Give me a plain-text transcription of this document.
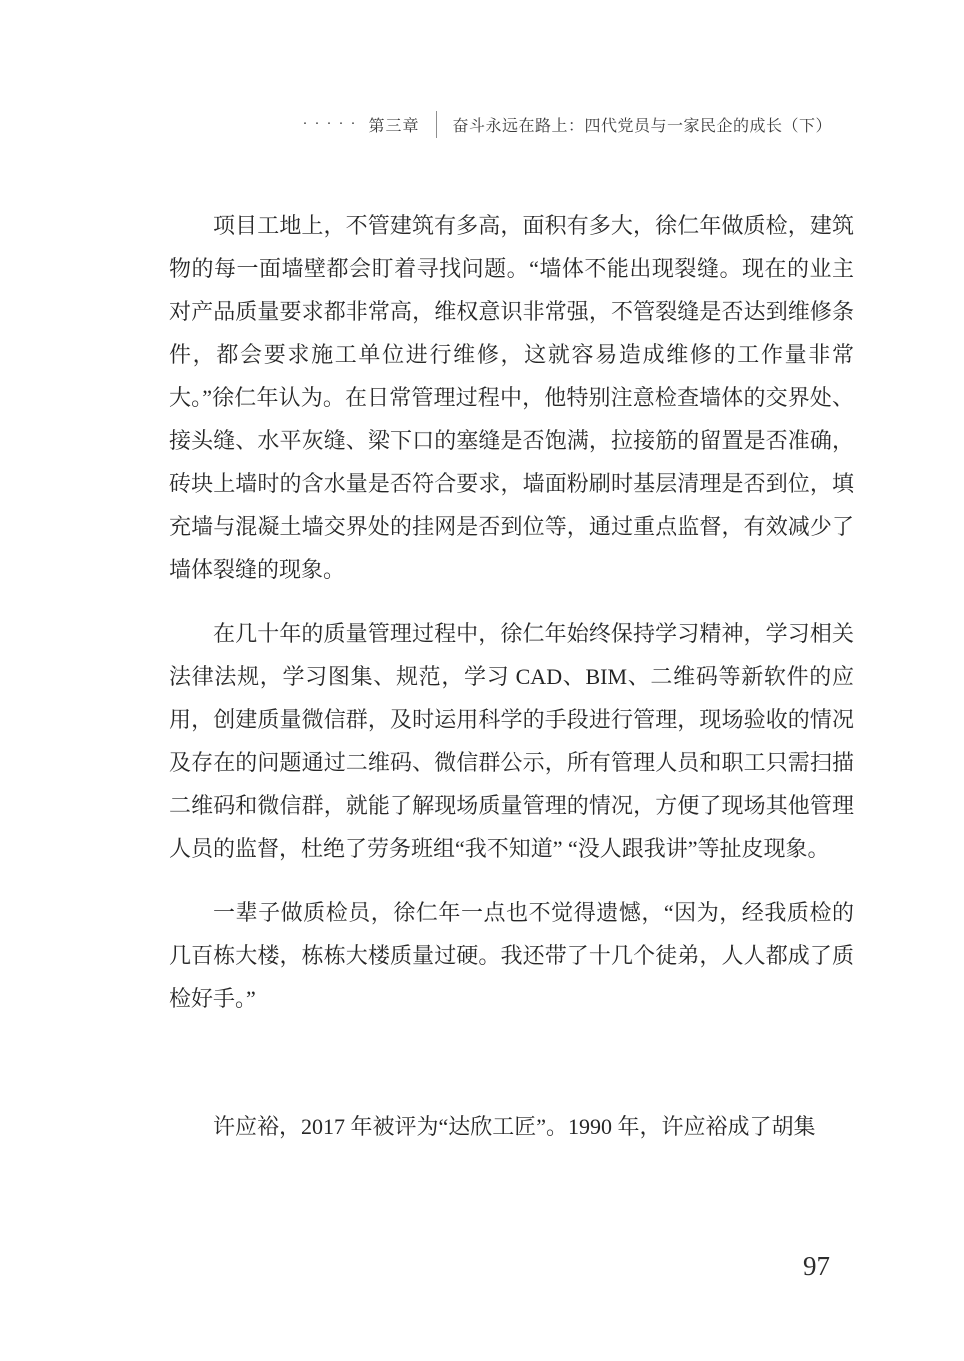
····· 第三章 奋斗永远在路上：四代党员与一家民企的成长（下）

项目工地上，不管建筑有多高，面积有多大，徐仁年做质检，建筑物的每一面墙壁都会盯着寻找问题。“墙体不能出现裂缝。现在的业主对产品质量要求都非常高，维权意识非常强，不管裂缝是否达到维修条件，都会要求施工单位进行维修，这就容易造成维修的工作量非常大。”徐仁年认为。在日常管理过程中，他特别注意检查墙体的交界处、接头缝、水平灰缝、梁下口的塞缝是否饱满，拉接筋的留置是否准确，砖块上墙时的含水量是否符合要求，墙面粉刷时基层清理是否到位，填充墙与混凝土墙交界处的挂网是否到位等，通过重点监督，有效减少了墙体裂缝的现象。

在几十年的质量管理过程中，徐仁年始终保持学习精神，学习相关法律法规，学习图集、规范，学习 CAD、BIM、二维码等新软件的应用，创建质量微信群，及时运用科学的手段进行管理，现场验收的情况及存在的问题通过二维码、微信群公示，所有管理人员和职工只需扫描二维码和微信群，就能了解现场质量管理的情况，方便了现场其他管理人员的监督，杜绝了劳务班组“我不知道” “没人跟我讲”等扯皮现象。

一辈子做质检员，徐仁年一点也不觉得遗憾，“因为，经我质检的几百栋大楼，栋栋大楼质量过硬。我还带了十几个徒弟，人人都成了质检好手。”

许应裕，2017 年被评为“达欣工匠”。1990 年，许应裕成了胡集

97
